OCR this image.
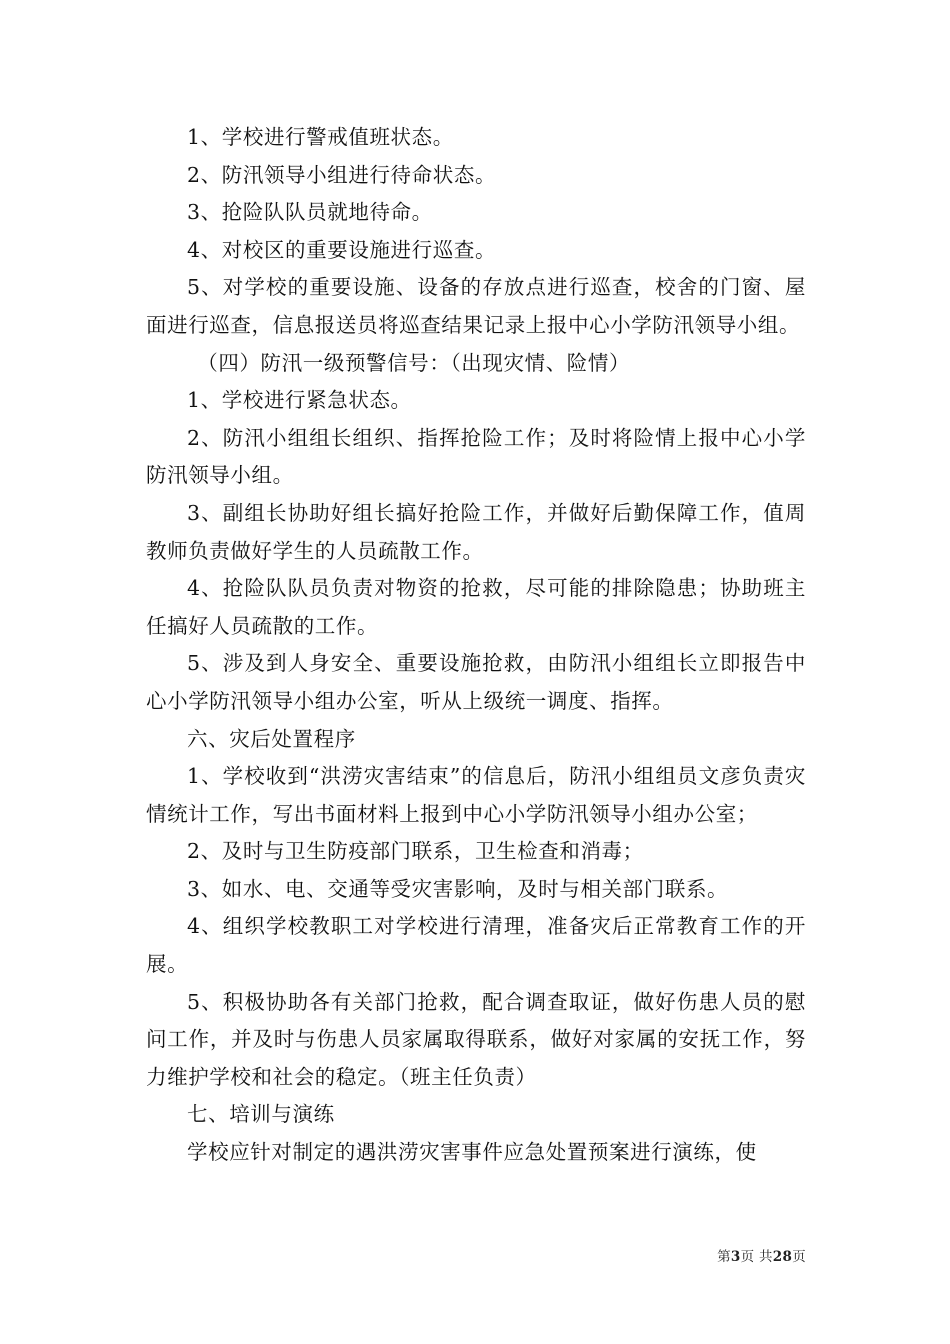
1、学校进行警戒值班状态。

2、防汛领导小组进行待命状态。

3、抢险队队员就地待命。

4、对校区的重要设施进行巡查。

5、对学校的重要设施、设备的存放点进行巡查，校舍的门窗、屋面进行巡查，信息报送员将巡查结果记录上报中心小学防汛领导小组。

（四）防汛一级预警信号：（出现灾情、险情）

1、学校进行紧急状态。

2、防汛小组组长组织、指挥抢险工作；及时将险情上报中心小学防汛领导小组。

3、副组长协助好组长搞好抢险工作，并做好后勤保障工作，值周教师负责做好学生的人员疏散工作。

4、抢险队队员负责对物资的抢救，尽可能的排除隐患；协助班主任搞好人员疏散的工作。

5、涉及到人身安全、重要设施抢救，由防汛小组组长立即报告中心小学防汛领导小组办公室，听从上级统一调度、指挥。

六、灾后处置程序

1、学校收到“洪涝灾害结束”的信息后，防汛小组组员文彦负责灾情统计工作，写出书面材料上报到中心小学防汛领导小组办公室；

2、及时与卫生防疫部门联系，卫生检查和消毒；

3、如水、电、交通等受灾害影响，及时与相关部门联系。

4、组织学校教职工对学校进行清理，准备灾后正常教育工作的开展。

5、积极协助各有关部门抢救，配合调查取证，做好伤患人员的慰问工作，并及时与伤患人员家属取得联系，做好对家属的安抚工作，努力维护学校和社会的稳定。（班主任负责）

七、培训与演练

学校应针对制定的遇洪涝灾害事件应急处置预案进行演练，使

第3页 共28页
